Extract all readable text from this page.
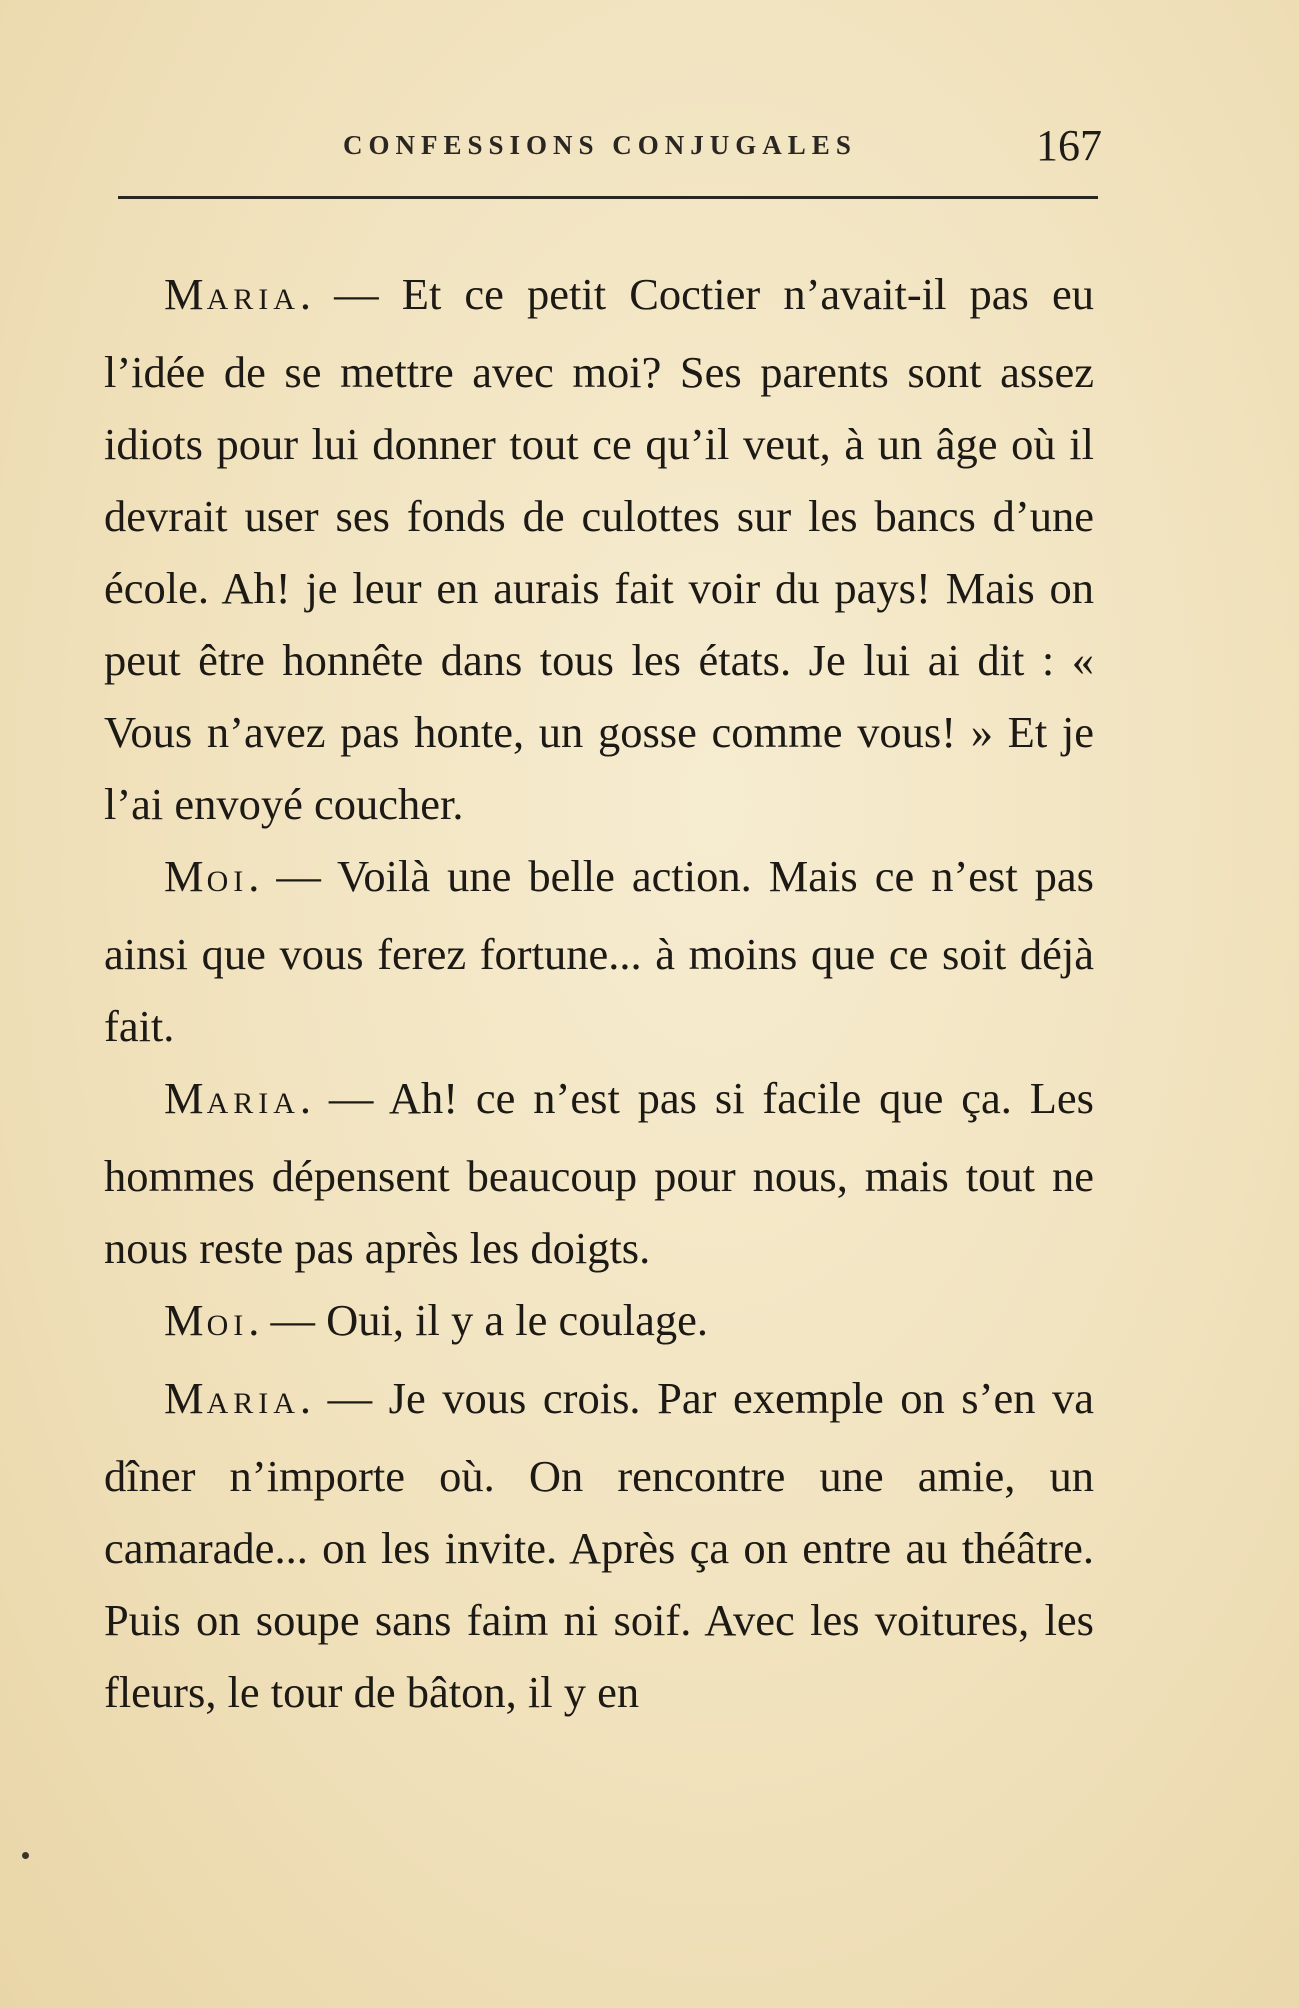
CONFESSIONS CONJUGALES	167

MARIA. — Et ce petit Coctier n’avait-il pas eu l’idée de se mettre avec moi? Ses parents sont assez idiots pour lui donner tout ce qu’il veut, à un âge où il devrait user ses fonds de culottes sur les bancs d’une école. Ah! je leur en aurais fait voir du pays! Mais on peut être honnête dans tous les états. Je lui ai dit : « Vous n’avez pas honte, un gosse comme vous! » Et je l’ai envoyé coucher.

MOI. — Voilà une belle action. Mais ce n’est pas ainsi que vous ferez fortune... à moins que ce soit déjà fait.

MARIA. — Ah! ce n’est pas si facile que ça. Les hommes dépensent beaucoup pour nous, mais tout ne nous reste pas après les doigts.

MOI. — Oui, il y a le coulage.

MARIA. — Je vous crois. Par exemple on s’en va dîner n’importe où. On rencontre une amie, un camarade... on les invite. Après ça on entre au théâtre. Puis on soupe sans faim ni soif. Avec les voitures, les fleurs, le tour de bâton, il y en
